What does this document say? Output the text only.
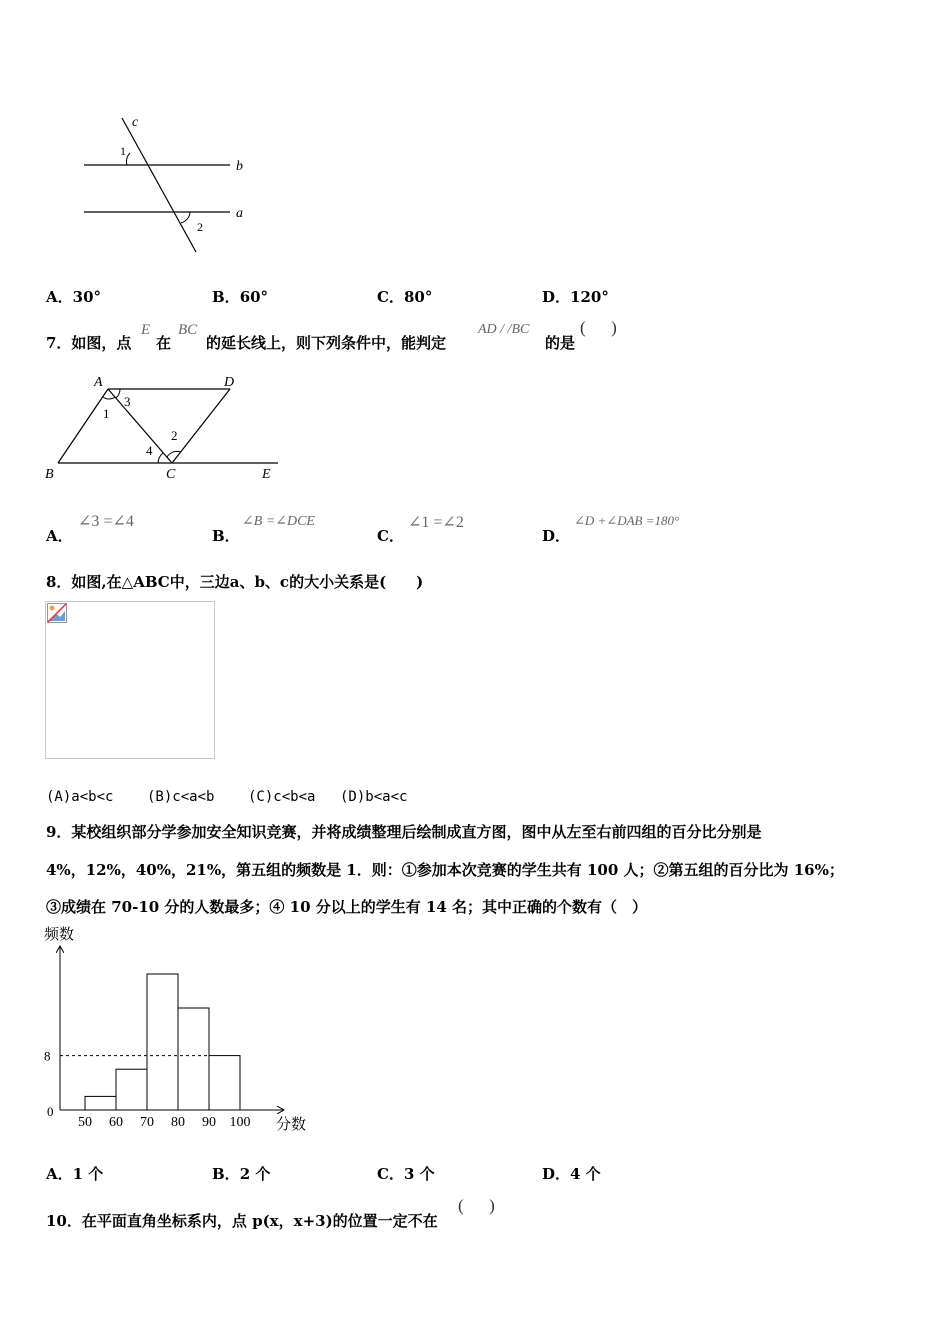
c
1
b
a
2
A．30°	B．60°	C．80°	D．120°
7．如图，点
E
在
BC
的延长线上，则下列条件中，能判定
AD / /BC
的是
(      )
A	D
3
1
2
4
B	C	E
A．
∠3 =∠4
B．
∠B =∠DCE
C．
∠1 =∠2
D．
∠D +∠DAB =180°
8．如图,在△ABC中，三边a、b、c的大小关系是(　　)
(A)a<b<c (B)c<a<b (C)c<b<a (D)b<a<c
9．某校组织部分学参加安全知识竞赛，并将成绩整理后绘制成直方图，图中从左至右前四组的百分比分别是
4%，12%，40%，21%，第五组的频数是 1．则：①参加本次竞赛的学生共有 100 人；②第五组的百分比为 16%；
③成绩在 70-10 分的人数最多；④ 10 分以上的学生有 14 名；其中正确的个数有（　）
频数
8
0
50 60 70 80 90 100 分数
A．1 个	B．2 个	C．3 个	D．4 个
10．在平面直角坐标系内，点 p(x，x+3)的位置一定不在
(      )
